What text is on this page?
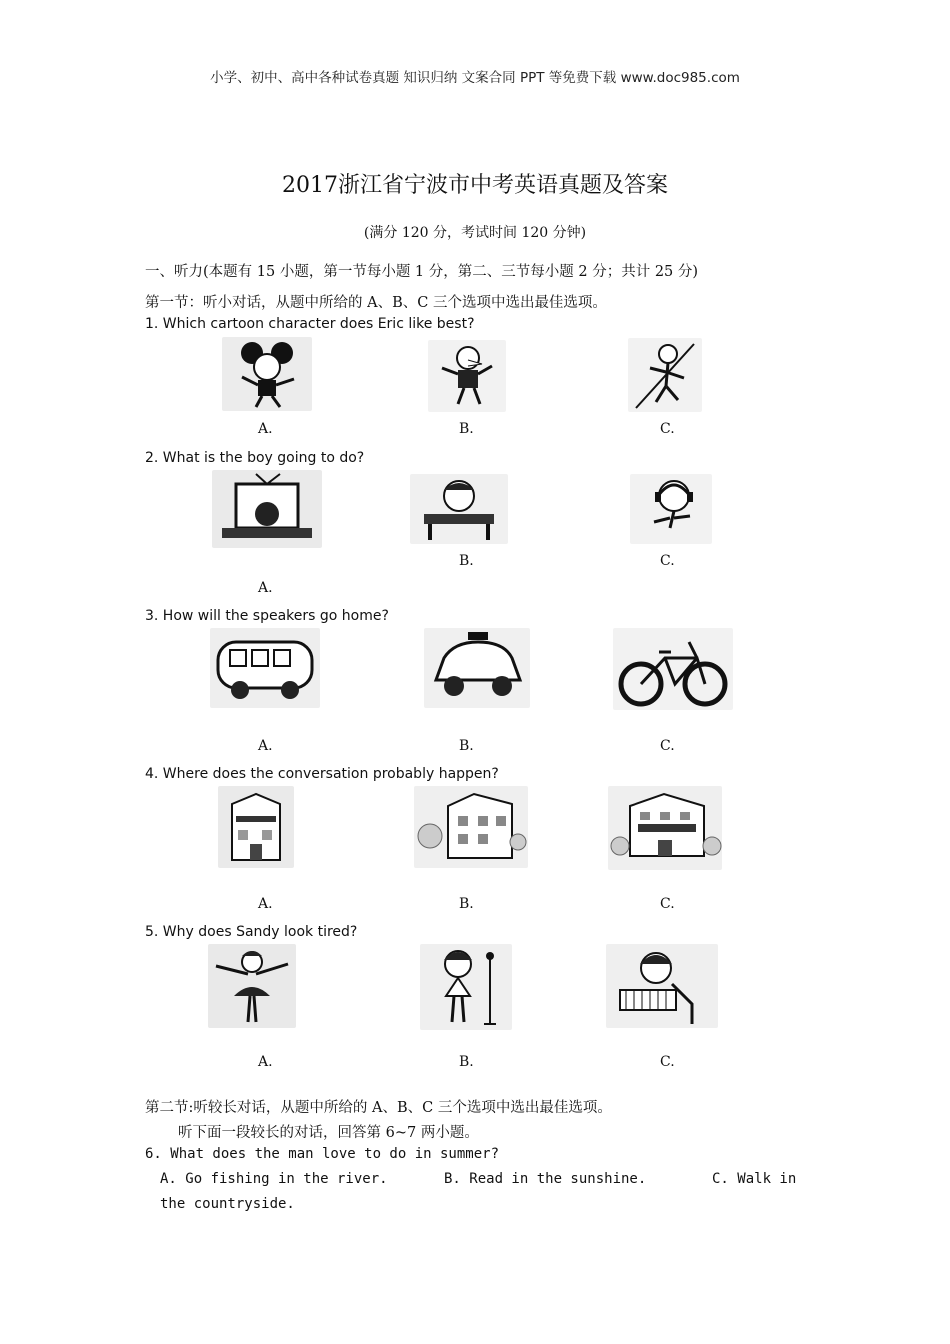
小学、初中、高中各种试卷真题 知识归纳 文案合同 PPT 等免费下载 www.doc985.com
2017浙江省宁波市中考英语真题及答案
(满分 120 分，考试时间 120 分钟)
一、听力(本题有 15 小题，第一节每小题 1 分，第二、三节每小题 2 分；共计 25 分)
第一节：听小对话，从题中所给的 A、B、C 三个选项中选出最佳选项。
1. Which cartoon character does Eric like best?
A.	B.	C.
2. What is the boy going to do?
A.
B.	C.
3. How will the speakers go home?
A.	B.	C.
4. Where does the conversation probably happen?
A.	B.	C.
5. Why does Sandy look tired?
A.	B.	C.
第二节:听较长对话，从题中所给的 A、B、C 三个选项中选出最佳选项。
听下面一段较长的对话，回答第 6~7 两小题。
6. What does the man love to do in summer?
A. Go fishing in the river.	B. Read in the sunshine.	C. Walk in
the countryside.
